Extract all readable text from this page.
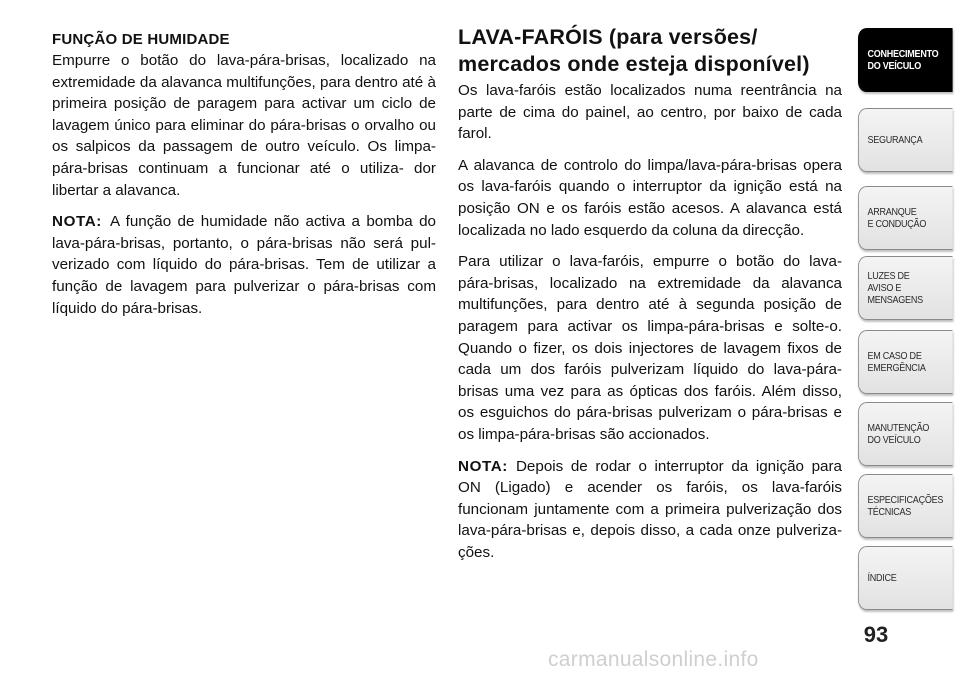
FUNÇÃO DE HUMIDADE

Empurre o botão do lava-pára-brisas, localizado na extremidade da alavanca multifunções, para dentro até à primeira posição de paragem para activar um ciclo de lavagem único para eliminar do pára-brisas o orvalho ou os salpicos da passagem de outro veículo. Os limpa-pára-brisas continuam a funcionar até o utiliza- dor libertar a alavanca.

NOTA: A função de humidade não activa a bomba do lava-pára-brisas, portanto, o pára-brisas não será pul- verizado com líquido do pára-brisas. Tem de utilizar a função de lavagem para pulverizar o pára-brisas com líquido do pára-brisas.

LAVA-FARÓIS (para versões/
mercados onde esteja disponível)

Os lava-faróis estão localizados numa reentrância na parte de cima do painel, ao centro, por baixo de cada farol.

A alavanca de controlo do limpa/lava-pára-brisas opera os lava-faróis quando o interruptor da ignição está na posição ON e os faróis estão acesos. A alavanca está localizada no lado esquerdo da coluna da direcção.

Para utilizar o lava-faróis, empurre o botão do lava- pára-brisas, localizado na extremidade da alavanca multifunções, para dentro até à segunda posição de paragem para activar os limpa-pára-brisas e solte-o. Quando o fizer, os dois injectores de lavagem fixos de cada um dos faróis pulverizam líquido do lava-pára- brisas uma vez para as ópticas dos faróis. Além disso, os esguichos do pára-brisas pulverizam o pára-brisas e os limpa-pára-brisas são accionados.

NOTA: Depois de rodar o interruptor da ignição para ON (Ligado) e acender os faróis, os lava-faróis funcionam juntamente com a primeira pulverização dos lava-pára-brisas e, depois disso, a cada onze pulveriza- ções.

CONHECIMENTO
DO VEÍCULO
SEGURANÇA
ARRANQUE
E CONDUÇÃO
LUZES DE
AVISO E
MENSAGENS
EM CASO DE
EMERGÊNCIA
MANUTENÇÃO
DO VEÍCULO
ESPECIFICAÇÕES
TÉCNICAS
ÍNDICE
93
carmanualsonline.info
